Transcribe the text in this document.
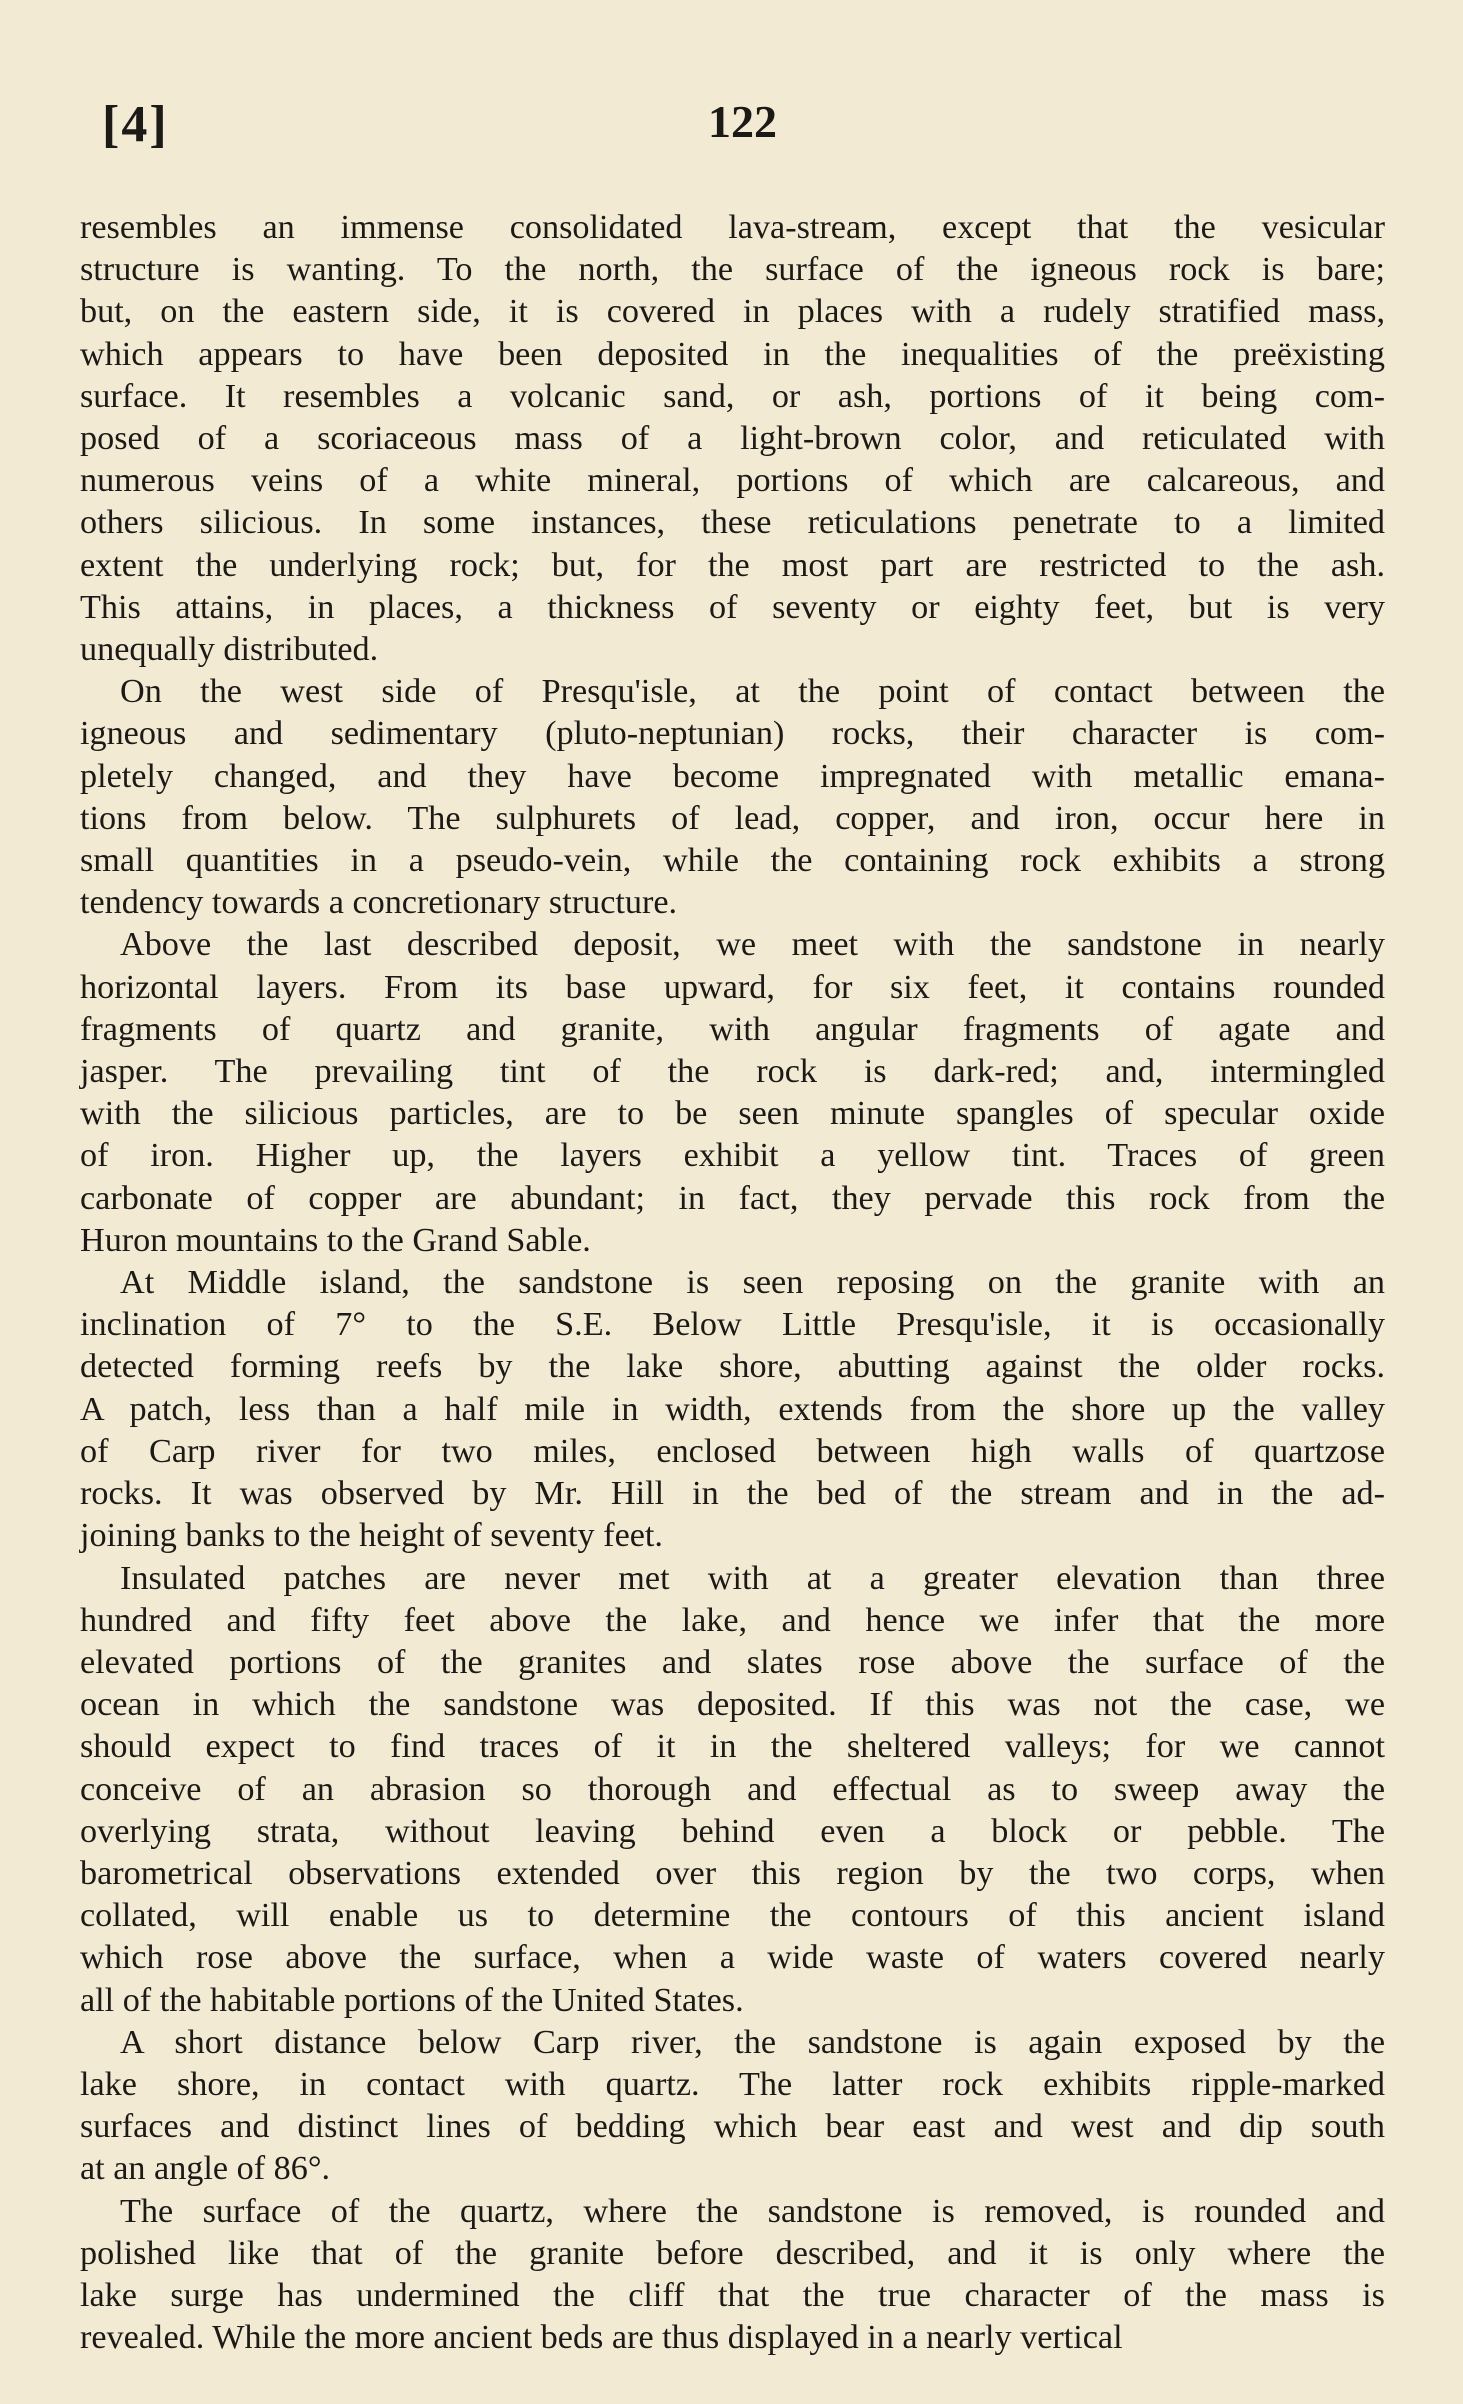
[4]	122

resembles an immense consolidated lava-stream, except that the vesicular
structure is wanting. To the north, the surface of the igneous rock is bare;
but, on the eastern side, it is covered in places with a rudely stratified mass,
which appears to have been deposited in the inequalities of the preëxisting
surface. It resembles a volcanic sand, or ash, portions of it being com-
posed of a scoriaceous mass of a light-brown color, and reticulated with
numerous veins of a white mineral, portions of which are calcareous, and
others silicious. In some instances, these reticulations penetrate to a limited
extent the underlying rock; but, for the most part are restricted to the ash.
This attains, in places, a thickness of seventy or eighty feet, but is very
unequally distributed.

On the west side of Presqu'isle, at the point of contact between the
igneous and sedimentary (pluto-neptunian) rocks, their character is com-
pletely changed, and they have become impregnated with metallic emana-
tions from below. The sulphurets of lead, copper, and iron, occur here in
small quantities in a pseudo-vein, while the containing rock exhibits a strong
tendency towards a concretionary structure.

Above the last described deposit, we meet with the sandstone in nearly
horizontal layers. From its base upward, for six feet, it contains rounded
fragments of quartz and granite, with angular fragments of agate and
jasper. The prevailing tint of the rock is dark-red; and, intermingled
with the silicious particles, are to be seen minute spangles of specular oxide
of iron. Higher up, the layers exhibit a yellow tint. Traces of green
carbonate of copper are abundant; in fact, they pervade this rock from the
Huron mountains to the Grand Sable.

At Middle island, the sandstone is seen reposing on the granite with an
inclination of 7° to the S.E. Below Little Presqu'isle, it is occasionally
detected forming reefs by the lake shore, abutting against the older rocks.
A patch, less than a half mile in width, extends from the shore up the valley
of Carp river for two miles, enclosed between high walls of quartzose
rocks. It was observed by Mr. Hill in the bed of the stream and in the ad-
joining banks to the height of seventy feet.

Insulated patches are never met with at a greater elevation than three
hundred and fifty feet above the lake, and hence we infer that the more
elevated portions of the granites and slates rose above the surface of the
ocean in which the sandstone was deposited. If this was not the case, we
should expect to find traces of it in the sheltered valleys; for we cannot
conceive of an abrasion so thorough and effectual as to sweep away the
overlying strata, without leaving behind even a block or pebble. The
barometrical observations extended over this region by the two corps, when
collated, will enable us to determine the contours of this ancient island
which rose above the surface, when a wide waste of waters covered nearly
all of the habitable portions of the United States.

A short distance below Carp river, the sandstone is again exposed by the
lake shore, in contact with quartz. The latter rock exhibits ripple-marked
surfaces and distinct lines of bedding which bear east and west and dip south
at an angle of 86°.

The surface of the quartz, where the sandstone is removed, is rounded and
polished like that of the granite before described, and it is only where the
lake surge has undermined the cliff that the true character of the mass is
revealed. While the more ancient beds are thus displayed in a nearly vertical
